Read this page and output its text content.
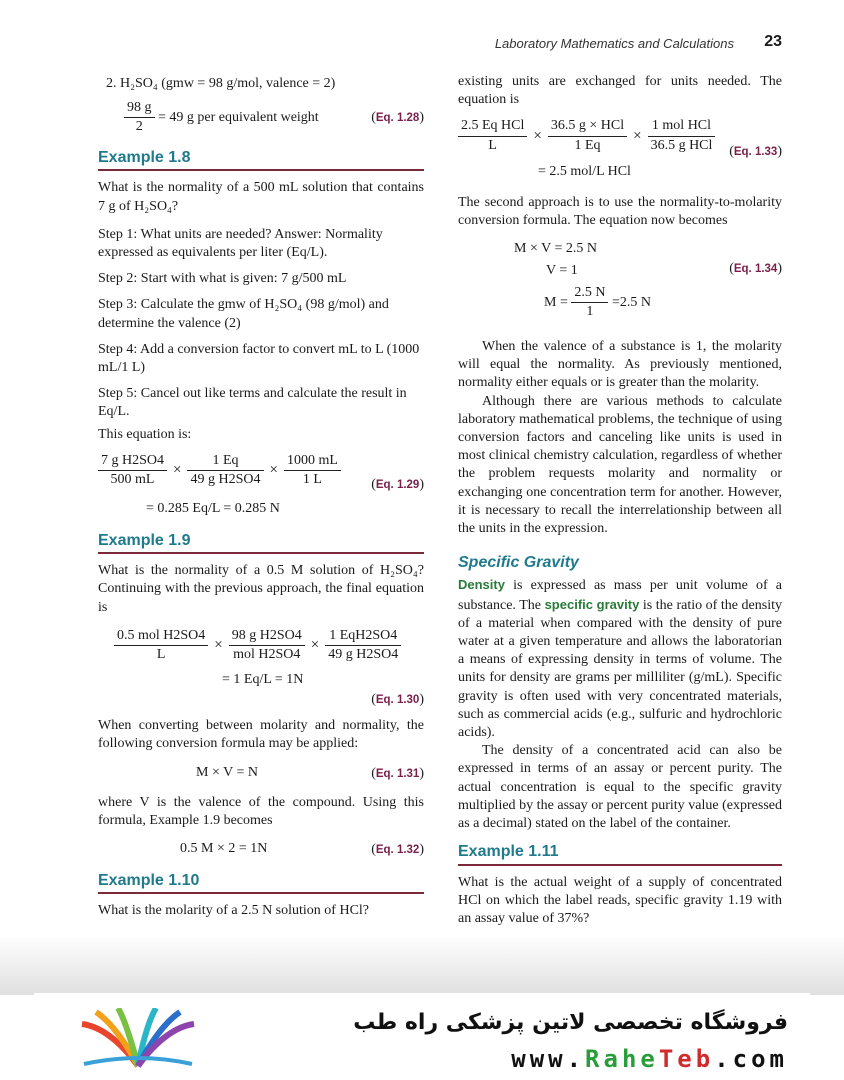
Laboratory Mathematics and Calculations 23

2. H₂SO₄ (gmw = 98 g/mol, valence = 2)

$\frac{98 g}{2} = 49$ g per equivalent weight	(Eq. 1.28)
Example 1.8

What is the normality of a 500 mL solution that contains 7 g of H₂SO₄?

Step 1: What units are needed? Answer: Normality expressed as equivalents per liter (Eq/L).

Step 2: Start with what is given: 7 g/500 mL

Step 3: Calculate the gmw of H₂SO₄ (98 g/mol) and determine the valence (2)

Step 4: Add a conversion factor to convert mL to L (1000 mL/1 L)

Step 5: Cancel out like terms and calculate the result in Eq/L.

This equation is:

$\frac{\text{7 g H2SO4}}{500 mL} \times \frac{1 Eq}{\text{49 g H2SO4}} \times \frac{1000 mL}{1 L} (Eq$. 1.29)

= 0.285 Eq/L = 0.285 N

Example 1.9

What is the normality of a 0.5 M solution of H₂SO₄? Continuing with the previous approach, the final equation is

$\frac{\text{0.5 mol H2SO4}}{L} \times \frac{\text{98 g H2SO4}}{\text{mol H2SO4}} \times \frac{\text{1 EqH2SO4}}{\text{49 g H2SO4}}$

= 1 Eq/L = 1N

(Eq. 1.30)

When converting between molarity and normality, the following conversion formula may be applied:

M × V = N	(Eq. 1.31)

where V is the valence of the compound. Using this formula, Example 1.9 becomes

0.5 M × 2 = 1N	(Eq. 1.32)
Example 1.10

What is the molarity of a 2.5 N solution of HCl?

existing units are exchanged for units needed. The equation is

$\frac{\text{2.5 Eq HCl}}{L} \times \frac{\text{36.5 g × HCl}}{1 Eq} \times \frac{\text{1 mol HCl}}{\text{36.5 g HCl}} (Eq$. 1.33)

= 2.5 mol/L HCl

The second approach is to use the normality-to-molarity conversion formula. The equation now becomes

M × V = 2.5 N
V = 1
$M = \frac{2.5 N}{1} =2.5$ N
(Eq. 1.34)

When the valence of a substance is 1, the molarity will equal the normality. As previously mentioned, normality either equals or is greater than the molarity.

Although there are various methods to calculate laboratory mathematical problems, the technique of using conversion factors and canceling like units is used in most clinical chemistry calculation, regardless of whether the problem requests molarity and normality or exchanging one concentration term for another. However, it is necessary to recall the interrelationship between all the units in the expression.

Specific Gravity

Density is expressed as mass per unit volume of a substance. The specific gravity is the ratio of the density of a material when compared with the density of pure water at a given temperature and allows the laboratorian a means of expressing density in terms of volume. The units for density are grams per milliliter (g/mL). Specific gravity is often used with very concentrated materials, such as commercial acids (e.g., sulfuric and hydrochloric acids).

The density of a concentrated acid can also be expressed in terms of an assay or percent purity. The actual concentration is equal to the specific gravity multiplied by the assay or percent purity value (expressed as a decimal) stated on the label of the container.

Example 1.11

What is the actual weight of a supply of concentrated HCl on which the label reads, specific gravity 1.19 with an assay value of 37%?

فروشگاه تخصصی لاتین پزشکی راه طب
www.RaheTeb.com
